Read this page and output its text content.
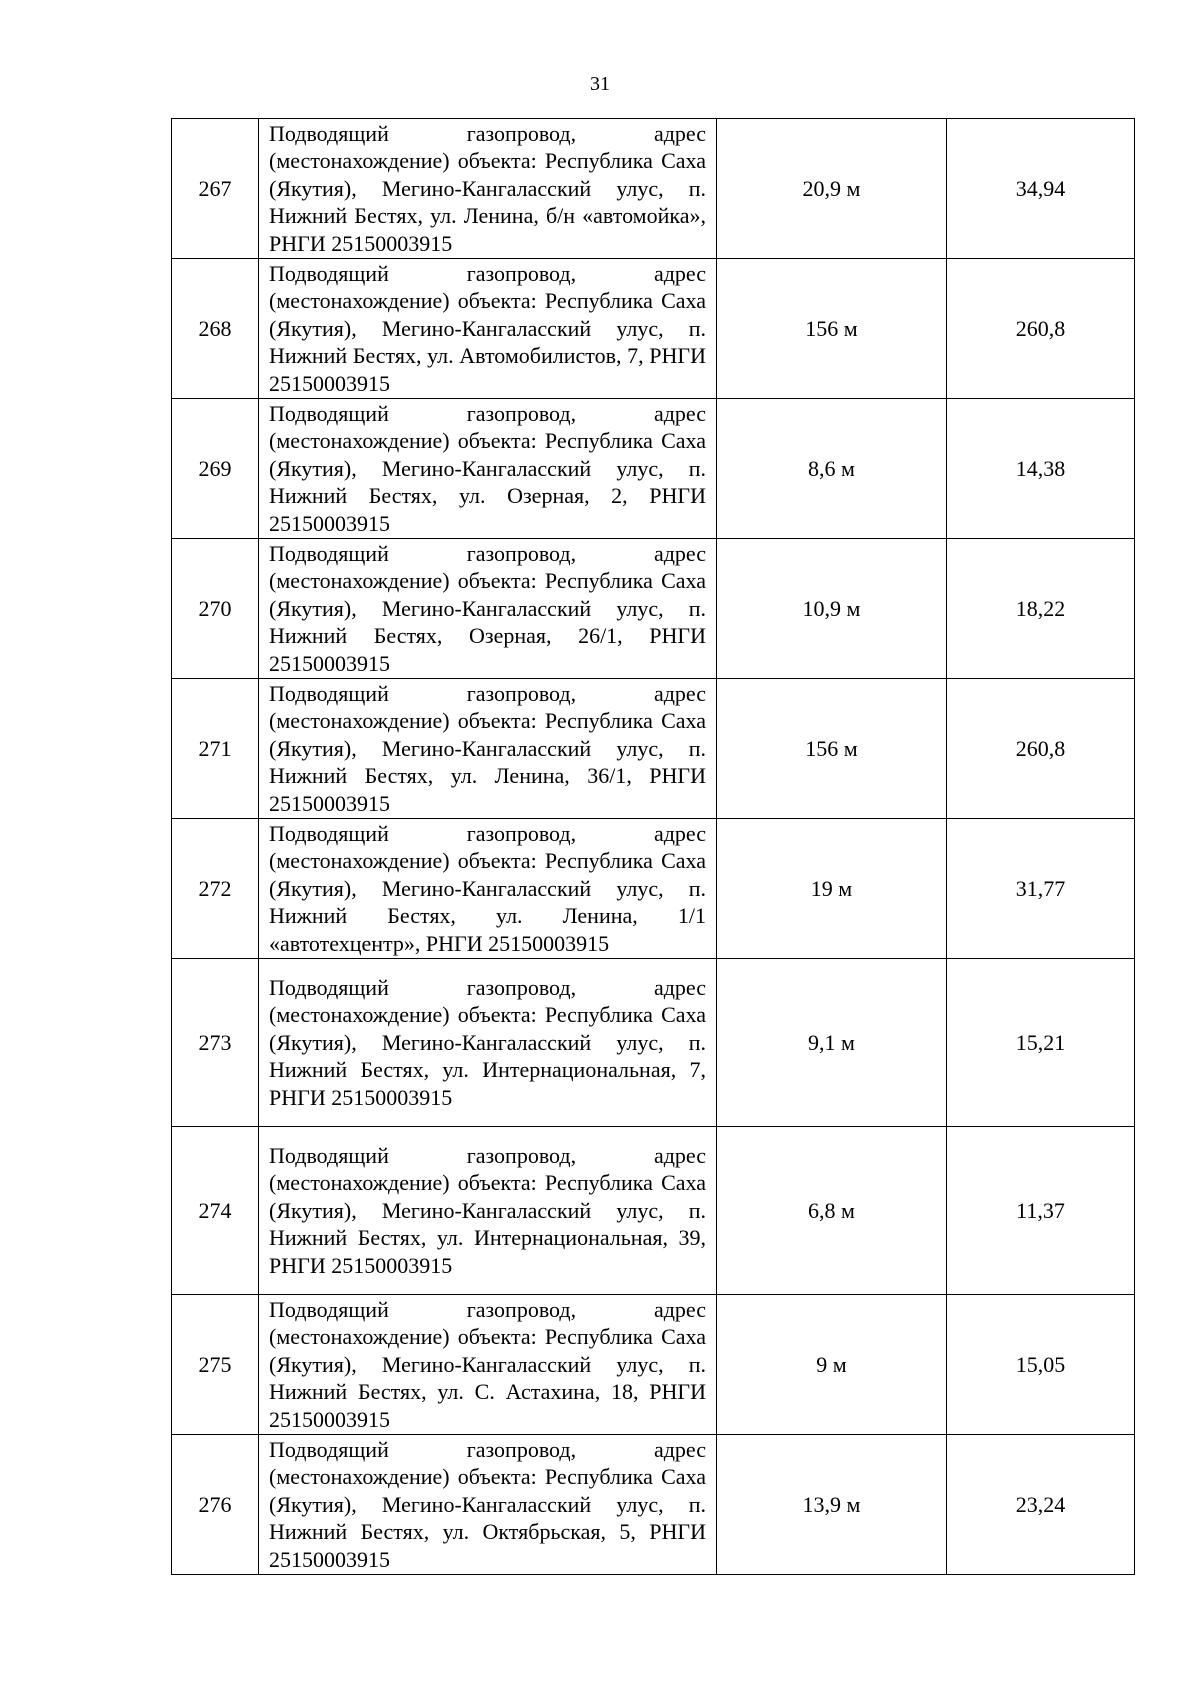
31
267	Подводящий газопровод, адрес (местонахождение) объекта: Республика Саха (Якутия), Мегино-Кангаласский улус, п. Нижний Бестях, ул. Ленина, б/н «автомойка», РНГИ 25150003915	20,9 м	34,94
268	Подводящий газопровод, адрес (местонахождение) объекта: Республика Саха (Якутия), Мегино-Кангаласский улус, п. Нижний Бестях, ул. Автомобилистов, 7, РНГИ 25150003915	156 м	260,8
269	Подводящий газопровод, адрес (местонахождение) объекта: Республика Саха (Якутия), Мегино-Кангаласский улус, п. Нижний Бестях, ул. Озерная, 2, РНГИ 25150003915	8,6 м	14,38
270	Подводящий газопровод, адрес (местонахождение) объекта: Республика Саха (Якутия), Мегино-Кангаласский улус, п. Нижний Бестях, Озерная, 26/1, РНГИ 25150003915	10,9 м	18,22
271	Подводящий газопровод, адрес (местонахождение) объекта: Республика Саха (Якутия), Мегино-Кангаласский улус, п. Нижний Бестях, ул. Ленина, 36/1, РНГИ 25150003915	156 м	260,8
272	Подводящий газопровод, адрес (местонахождение) объекта: Республика Саха (Якутия), Мегино-Кангаласский улус, п. Нижний Бестях, ул. Ленина, 1/1 «автотехцентр», РНГИ 25150003915	19 м	31,77
273	Подводящий газопровод, адрес (местонахождение) объекта: Республика Саха (Якутия), Мегино-Кангаласский улус, п. Нижний Бестях, ул. Интернациональная, 7, РНГИ 25150003915	9,1 м	15,21
274	Подводящий газопровод, адрес (местонахождение) объекта: Республика Саха (Якутия), Мегино-Кангаласский улус, п. Нижний Бестях, ул. Интернациональная, 39, РНГИ 25150003915	6,8 м	11,37
275	Подводящий газопровод, адрес (местонахождение) объекта: Республика Саха (Якутия), Мегино-Кангаласский улус, п. Нижний Бестях, ул. С. Астахина, 18, РНГИ 25150003915	9 м	15,05
276	Подводящий газопровод, адрес (местонахождение) объекта: Республика Саха (Якутия), Мегино-Кангаласский улус, п. Нижний Бестях, ул. Октябрьская, 5, РНГИ 25150003915	13,9 м	23,24
